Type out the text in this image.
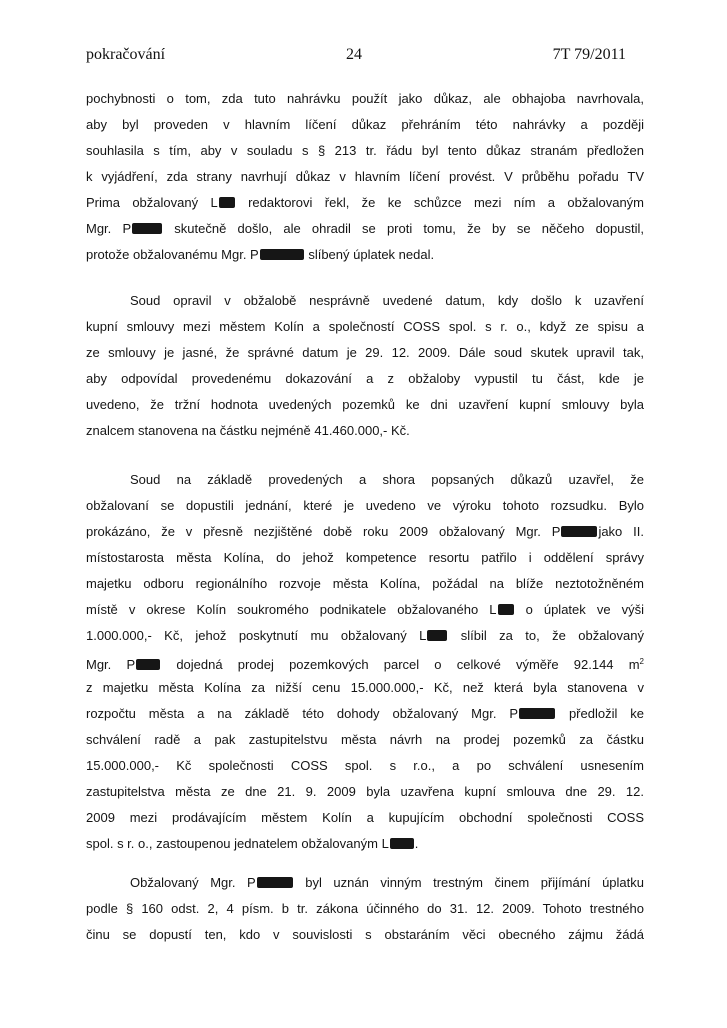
pokračování	24	7T 79/2011
pochybnosti o tom, zda tuto nahrávku použít jako důkaz, ale obhajoba navrhovala,
aby byl proveden v hlavním líčení důkaz přehráním této nahrávky a později
souhlasila s tím, aby v souladu s § 213 tr. řádu byl tento důkaz stranám předložen
k vyjádření, zda strany navrhují důkaz v hlavním líčení provést. V průběhu pořadu TV
Prima obžalovaný L redaktorovi řekl, že ke schůzce mezi ním a obžalovaným
Mgr. P skutečně došlo, ale ohradil se proti tomu, že by se něčeho dopustil,
protože obžalovanému Mgr. P	slíbený úplatek nedal.
Soud opravil v obžalobě nesprávně uvedené datum, kdy došlo k uzavření
kupní smlouvy mezi městem Kolín a společností COSS spol. s r. o., když ze spisu a
ze smlouvy je jasné, že správné datum je 29. 12. 2009. Dále soud skutek upravil tak,
aby odpovídal provedenému dokazování a z obžaloby vypustil tu část, kde je
uvedeno, že tržní hodnota uvedených pozemků ke dni uzavření kupní smlouvy byla
znalcem stanovena na částku nejméně 41.460.000,- Kč.
Soud na základě provedených a shora popsaných důkazů uzavřel, že
obžalovaní se dopustili jednání, které je uvedeno ve výroku tohoto rozsudku. Bylo
prokázáno, že v přesně nezjištěné době roku 2009 obžalovaný Mgr. P	jako II.
místostarosta města Kolína, do jehož kompetence resortu patřilo i oddělení správy
majetku odboru regionálního rozvoje města Kolína, požádal na blíže neztotožněném
místě v okrese Kolín soukromého podnikatele obžalovaného L o úplatek ve výši
1.000.000,- Kč, jehož poskytnutí mu obžalovaný L slíbil za to, že obžalovaný
Mgr. P dojedná prodej pozemkových parcel o celkové výměře 92.144 $m^2$
z majetku města Kolína za nižší cenu 15.000.000,- Kč, než která byla stanovena v
rozpočtu města a na základě této dohody obžalovaný Mgr. P	předložil ke
schválení radě a pak zastupitelstvu města návrh na prodej pozemků za částku
15.000.000,- Kč společnosti COSS spol. s r.o., a po schválení usnesením
zastupitelstva města ze dne 21. 9. 2009 byla uzavřena kupní smlouva dne 29. 12.
2009 mezi prodávajícím městem Kolín a kupujícím obchodní společnosti COSS
spol. s r. o., zastoupenou jednatelem obžalovaným L .
Obžalovaný Mgr. P	byl uznán vinným trestným činem přijímání úplatku
podle § 160 odst. 2, 4 písm. b tr. zákona účinného do 31. 12. 2009. Tohoto trestného
činu se dopustí ten, kdo v souvislosti s obstaráním věci obecného zájmu žádá
